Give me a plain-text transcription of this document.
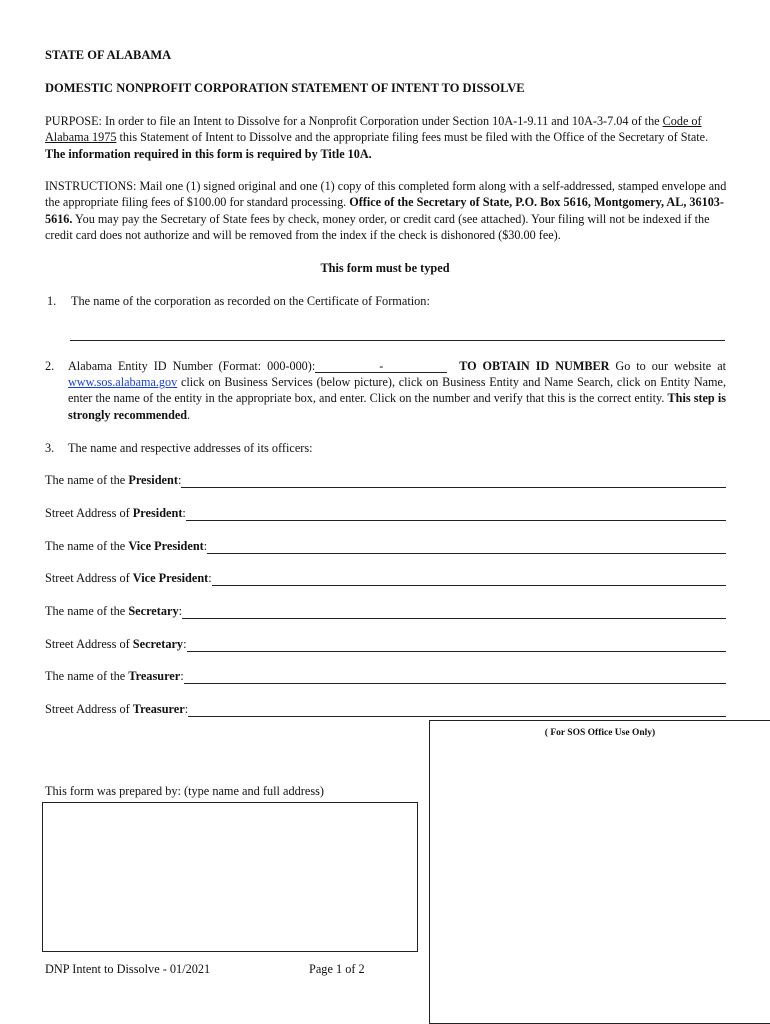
STATE OF ALABAMA
DOMESTIC NONPROFIT CORPORATION STATEMENT OF INTENT TO DISSOLVE
PURPOSE: In order to file an Intent to Dissolve for a Nonprofit Corporation under Section 10A-1-9.11 and 10A-3-7.04 of the Code of Alabama 1975 this Statement of Intent to Dissolve and the appropriate filing fees must be filed with the Office of the Secretary of State. The information required in this form is required by Title 10A.
INSTRUCTIONS: Mail one (1) signed original and one (1) copy of this completed form along with a self-addressed, stamped envelope and the appropriate filing fees of $100.00 for standard processing. Office of the Secretary of State, P.O. Box 5616, Montgomery, AL, 36103-5616. You may pay the Secretary of State fees by check, money order, or credit card (see attached). Your filing will not be indexed if the credit card does not authorize and will be removed from the index if the check is dishonored ($30.00 fee).
This form must be typed
1. The name of the corporation as recorded on the Certificate of Formation:
2. Alabama Entity ID Number (Format: 000-000):	-	TO OBTAIN ID NUMBER Go to our website at www.sos.alabama.gov click on Business Services (below picture), click on Business Entity and Name Search, click on Entity Name, enter the name of the entity in the appropriate box, and enter. Click on the number and verify that this is the correct entity. This step is strongly recommended.
3. The name and respective addresses of its officers:
The name of the President:
Street Address of President:
The name of the Vice President:
Street Address of Vice President:
The name of the Secretary:
Street Address of Secretary:
The name of the Treasurer:
Street Address of Treasurer:
( For SOS Office Use Only)
This form was prepared by: (type name and full address)
DNP Intent to Dissolve - 01/2021	Page 1 of 2
